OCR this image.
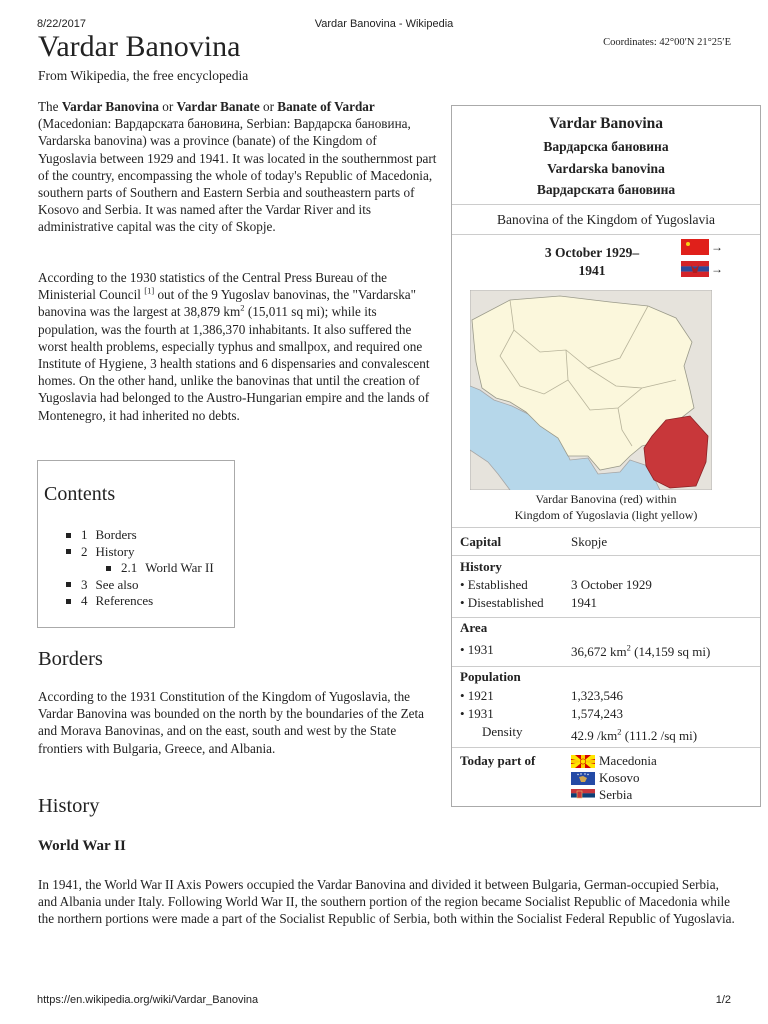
8/22/2017	Vardar Banovina - Wikipedia
Coordinates: 42°00′N 21°25′E
Vardar Banovina
From Wikipedia, the free encyclopedia

The Vardar Banovina or Vardar Banate or Banate of Vardar (Macedonian: Вардарската бановина, Serbian: Вардарска бановина, Vardarska banovina) was a province (banate) of the Kingdom of Yugoslavia between 1929 and 1941. It was located in the southernmost part of the country, encompassing the whole of today's Republic of Macedonia, southern parts of Southern and Eastern Serbia and southeastern parts of Kosovo and Serbia. It was named after the Vardar River and its administrative capital was the city of Skopje.

According to the 1930 statistics of the Central Press Bureau of the Ministerial Council [1] out of the 9 Yugoslav banovinas, the "Vardarska" banovina was the largest at 38,879 $km^2$ (15,011 sq mi); while its population, was the fourth at 1,386,370 inhabitants. It also suffered the worst health problems, especially typhus and smallpox, and required one Institute of Hygiene, 3 health stations and 6 dispensaries and convalescent homes. On the other hand, unlike the banovinas that until the creation of Yugoslavia had belonged to the Austro-Hungarian empire and the lands of Montenegro, it had inherited no debts.

Contents
1 Borders
2 History
2.1 World War II
3 See also
4 References
Borders

According to the 1931 Constitution of the Kingdom of Yugoslavia, the Vardar Banovina was bounded on the north by the boundaries of the Zeta and Morava Banovinas, and on the east, south and west by the State frontiers with Bulgaria, Greece, and Albania.

History
World War II

In 1941, the World War II Axis Powers occupied the Vardar Banovina and divided it between Bulgaria, German-occupied Serbia, and Albania under Italy. Following World War II, the southern portion of the region became Socialist Republic of Macedonia while the northern portions were made a part of the Socialist Republic of Serbia, both within the Socialist Federal Republic of Yugoslavia.

Vardar Banovina
Вардарска бановина
Vardarska banovina
Вардарската бановина
Banovina of the Kingdom of Yugoslavia
3 October 1929–
1941
→
→
Vardar Banovina (red) within
Kingdom of Yugoslavia (light yellow)
Capital	Skopje
History
• Established	3 October 1929
• Disestablished 1941
Area
• 1931	36,672 $km^2$ (14,159 sq mi)
Population
• 1921	1,323,546
• 1931	1,574,243
Density	42.9 $/km^2$ (111.2 /sq mi)
Today part of	Macedonia
Kosovo
Serbia
https://en.wikipedia.org/wiki/Vardar_Banovina	1/2
